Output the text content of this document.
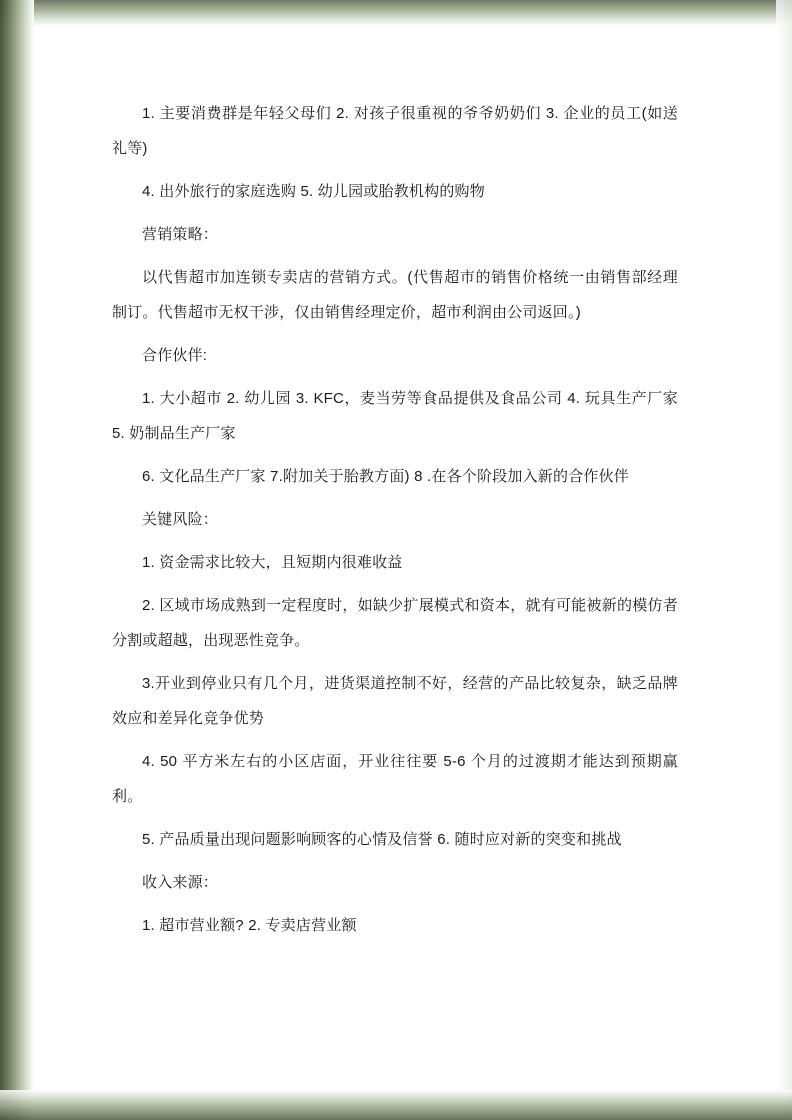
1. 主要消费群是年轻父母们 2. 对孩子很重视的爷爷奶奶们 3. 企业的员工(如送礼等)

4. 出外旅行的家庭选购 5. 幼儿园或胎教机构的购物

营销策略：

以代售超市加连锁专卖店的营销方式。(代售超市的销售价格统一由销售部经理制订。代售超市无权干涉，仅由销售经理定价，超市利润由公司返回。)

合作伙伴:

1. 大小超市 2. 幼儿园 3. KFC，麦当劳等食品提供及食品公司 4. 玩具生产厂家 5. 奶制品生产厂家

6. 文化品生产厂家 7.附加关于胎教方面) 8 .在各个阶段加入新的合作伙伴

关键风险：

1. 资金需求比较大，且短期内很难收益

2. 区域市场成熟到一定程度时，如缺少扩展模式和资本，就有可能被新的模仿者分割或超越，出现恶性竞争。

3.开业到停业只有几个月，进货渠道控制不好，经营的产品比较复杂，缺乏品牌效应和差异化竞争优势

4. 50 平方米左右的小区店面，开业往往要 5-6 个月的过渡期才能达到预期赢利。

5. 产品质量出现问题影响顾客的心情及信誉 6. 随时应对新的突变和挑战

收入来源：

1. 超市营业额? 2. 专卖店营业额
